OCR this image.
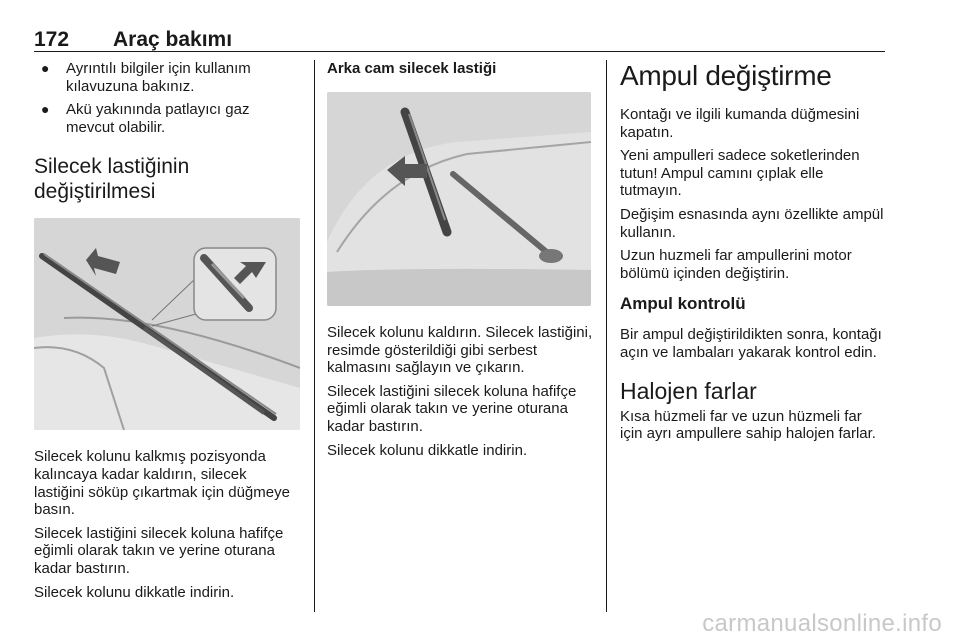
172 Araç bakımı
● Ayrıntılı bilgiler için kullanım kılavuzuna bakınız.
● Akü yakınında patlayıcı gaz mevcut olabilir.
Silecek lastiğinin değiştirilmesi

Silecek kolunu kalkmış pozisyonda kalıncaya kadar kaldırın, silecek lastiğini söküp çıkartmak için düğmeye basın.

Silecek lastiğini silecek koluna hafifçe eğimli olarak takın ve yerine oturana kadar bastırın.

Silecek kolunu dikkatle indirin.

Arka cam silecek lastiği

Silecek kolunu kaldırın. Silecek lastiğini, resimde gösterildiği gibi serbest kalmasını sağlayın ve çıkarın.

Silecek lastiğini silecek koluna hafifçe eğimli olarak takın ve yerine oturana kadar bastırın.

Silecek kolunu dikkatle indirin.

Ampul değiştirme

Kontağı ve ilgili kumanda düğmesini kapatın.

Yeni ampulleri sadece soketlerinden tutun! Ampul camını çıplak elle tutmayın.

Değişim esnasında aynı özellikte ampül kullanın.

Uzun huzmeli far ampullerini motor bölümü içinden değiştirin.

Ampul kontrolü

Bir ampul değiştirildikten sonra, kontağı açın ve lambaları yakarak kontrol edin.

Halojen farlar

Kısa hüzmeli far ve uzun hüzmeli far için ayrı ampullere sahip halojen farlar.

carmanualsonline.info
